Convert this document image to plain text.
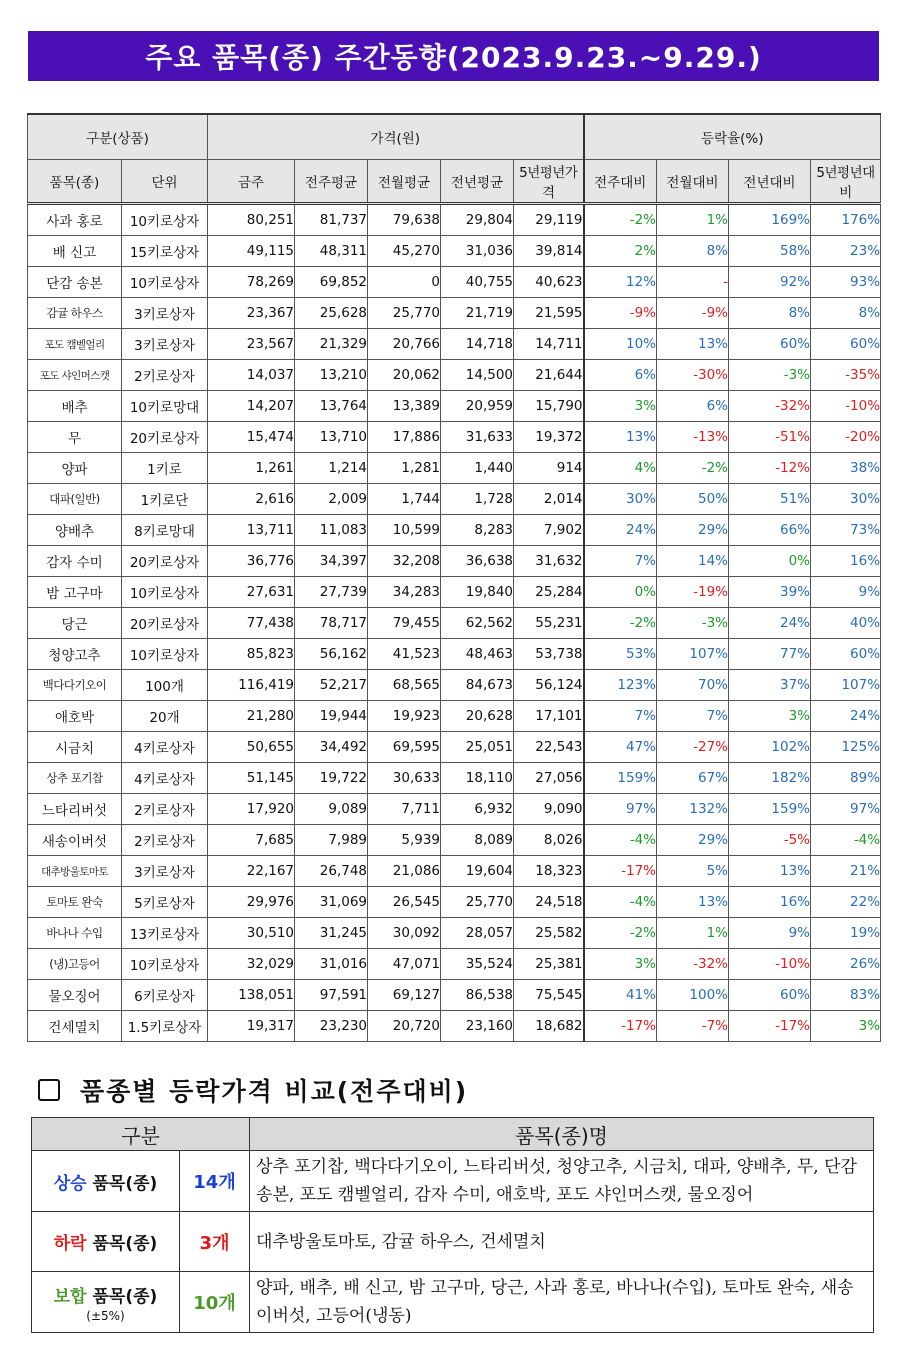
주요 품목(종) 주간동향(2023.9.23.~9.29.)
구분(상품)		가격(원)					등락율(%)			
품목(종)	단위	금주	전주평균	전월평균	전년평균	5년평년가격	전주대비	전월대비	전년대비	5년평년대비
사과 홍로	10키로상자	80,251	81,737	79,638	29,804	29,119	-2%	1%	169%	176%
배 신고	15키로상자	49,115	48,311	45,270	31,036	39,814	2%	8%	58%	23%
단감 송본	10키로상자	78,269	69,852	0	40,755	40,623	12%	-	92%	93%
감귤 하우스	3키로상자	23,367	25,628	25,770	21,719	21,595	-9%	-9%	8%	8%
포도 캠벨얼리	3키로상자	23,567	21,329	20,766	14,718	14,711	10%	13%	60%	60%
포도 샤인머스캣	2키로상자	14,037	13,210	20,062	14,500	21,644	6%	-30%	-3%	-35%
배추	10키로망대	14,207	13,764	13,389	20,959	15,790	3%	6%	-32%	-10%
무	20키로상자	15,474	13,710	17,886	31,633	19,372	13%	-13%	-51%	-20%
양파	1키로	1,261	1,214	1,281	1,440	914	4%	-2%	-12%	38%
대파(일반)	1키로단	2,616	2,009	1,744	1,728	2,014	30%	50%	51%	30%
양배추	8키로망대	13,711	11,083	10,599	8,283	7,902	24%	29%	66%	73%
감자 수미	20키로상자	36,776	34,397	32,208	36,638	31,632	7%	14%	0%	16%
밤 고구마	10키로상자	27,631	27,739	34,283	19,840	25,284	0%	-19%	39%	9%
당근	20키로상자	77,438	78,717	79,455	62,562	55,231	-2%	-3%	24%	40%
청양고추	10키로상자	85,823	56,162	41,523	48,463	53,738	53%	107%	77%	60%
백다다기오이	100개	116,419	52,217	68,565	84,673	56,124	123%	70%	37%	107%
애호박	20개	21,280	19,944	19,923	20,628	17,101	7%	7%	3%	24%
시금치	4키로상자	50,655	34,492	69,595	25,051	22,543	47%	-27%	102%	125%
상추 포기찹	4키로상자	51,145	19,722	30,633	18,110	27,056	159%	67%	182%	89%
느타리버섯	2키로상자	17,920	9,089	7,711	6,932	9,090	97%	132%	159%	97%
새송이버섯	2키로상자	7,685	7,989	5,939	8,089	8,026	-4%	29%	-5%	-4%
대추방울토마토	3키로상자	22,167	26,748	21,086	19,604	18,323	-17%	5%	13%	21%
토마토 완숙	5키로상자	29,976	31,069	26,545	25,770	24,518	-4%	13%	16%	22%
바나나 수입	13키로상자	30,510	31,245	30,092	28,057	25,582	-2%	1%	9%	19%
(냉)고등어	10키로상자	32,029	31,016	47,071	35,524	25,381	3%	-32%	-10%	26%
물오징어	6키로상자	138,051	97,591	69,127	86,538	75,545	41%	100%	60%	83%
건세멸치	1.5키로상자	19,317	23,230	20,720	23,160	18,682	-17%	-7%	-17%	3%
품종별 등락가격 비교(전주대비)
구분		품목(종)명
상승 품목(종)	14개	상추 포기찹, 백다다기오이, 느타리버섯, 청양고추, 시금치, 대파, 양배추, 무, 단감 송본, 포도 캠벨얼리, 감자 수미, 애호박, 포도 샤인머스캣, 물오징어
하락 품목(종)	3개	대추방울토마토, 감귤 하우스, 건세멸치
보합 품목(종)
(±5%)	10개	양파, 배추, 배 신고, 밤 고구마, 당근, 사과 홍로, 바나나(수입), 토마토 완숙, 새송이버섯, 고등어(냉동)
